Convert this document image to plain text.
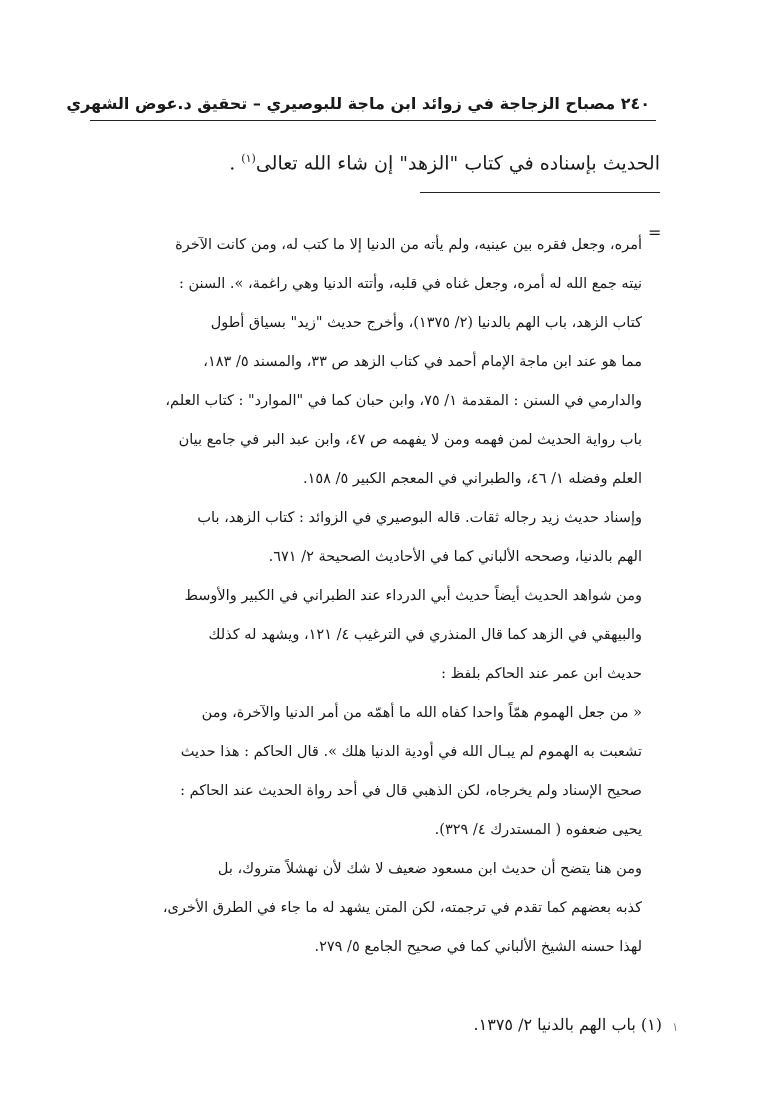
٢٤٠ مصباح الزجاجة في زوائد ابن ماجة للبوصيري – تحقيق د.عوض الشهري
الحديث بإسناده في كتاب "الزهد" إن شاء الله تعالى$^{(١)}$ .
=
أمره، وجعل فقره بين عينيه، ولم يأته من الدنيا إلا ما كتب له، ومن كانت الآخرة
نيته جمع الله له أمره، وجعل غناه في قلبه، وأتته الدنيا وهي راغمة، ». السنن :
كتاب الزهد، باب الهم بالدنيا (٢/ ١٣٧٥)، وأخرج حديث "زيد" بسياق أطول
مما هو عند ابن ماجة الإمام أحمد في كتاب الزهد ص ٣٣، والمسند ٥/ ١٨٣،
والدارمي في السنن : المقدمة ١/ ٧٥، وابن حبان كما في "الموارد" : كتاب العلم،
باب رواية الحديث لمن فهمه ومن لا يفهمه ص ٤٧، وابن عبد البر في جامع بيان
العلم وفضله ١/ ٤٦، والطبراني في المعجم الكبير ٥/ ١٥٨.
وإسناد حديث زيد رجاله ثقات. قاله البوصيري في الزوائد : كتاب الزهد، باب
الهم بالدنيا، وصححه الألباني كما في الأحاديث الصحيحة ٢/ ٦٧١.
ومن شواهد الحديث أيضاً حديث أبي الدرداء عند الطبراني في الكبير والأوسط
والبيهقي في الزهد كما قال المنذري في الترغيب ٤/ ١٢١، ويشهد له كذلك
حديث ابن عمر عند الحاكم بلفظ :
« من جعل الهموم همّاً واحدا كفاه الله ما أهمّه من أمر الدنيا والآخرة، ومن
تشعبت به الهموم لم يبـال الله في أودية الدنيا هلك ». قال الحاكم : هذا حديث
صحيح الإسناد ولم يخرجاه، لكن الذهبي قال في أحد رواة الحديث عند الحاكم :
يحيى ضعفوه ( المستدرك ٤/ ٣٢٩).
ومن هنا يتضح أن حديث ابن مسعود ضعيف لا شك لأن نهشلاً متروك، بل
كذبه بعضهم كما تقدم في ترجمته، لكن المتن يشهد له ما جاء في الطرق الأخرى،
لهذا حسنه الشيخ الألباني كما في صحيح الجامع ٥/ ٢٧٩.
(١) باب الهم بالدنيا ٢/ ١٣٧٥. ١
